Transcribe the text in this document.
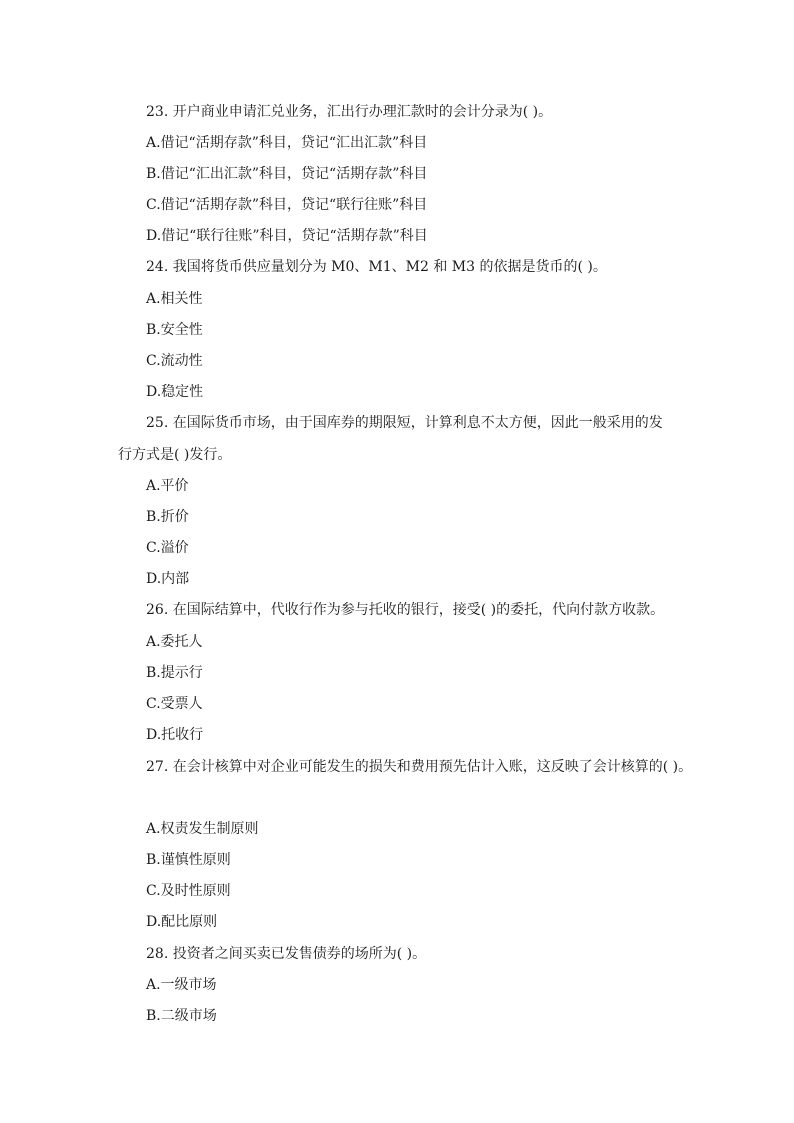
23. 开户商业申请汇兑业务，汇出行办理汇款时的会计分录为( )。
A.借记“活期存款”科目，贷记“汇出汇款”科目
B.借记“汇出汇款”科目，贷记“活期存款”科目
C.借记“活期存款”科目，贷记“联行往账”科目
D.借记“联行往账”科目，贷记“活期存款”科目
24. 我国将货币供应量划分为 M0、M1、M2 和 M3 的依据是货币的( )。
A.相关性
B.安全性
C.流动性
D.稳定性
25. 在国际货币市场，由于国库券的期限短，计算利息不太方便，因此一般采用的发
行方式是( )发行。
A.平价
B.折价
C.溢价
D.内部
26. 在国际结算中，代收行作为参与托收的银行，接受( )的委托，代向付款方收款。
A.委托人
B.提示行
C.受票人
D.托收行
27. 在会计核算中对企业可能发生的损失和费用预先估计入账，这反映了会计核算的( )。
A.权责发生制原则
B.谨慎性原则
C.及时性原则
D.配比原则
28. 投资者之间买卖已发售债券的场所为( )。
A.一级市场
B.二级市场
